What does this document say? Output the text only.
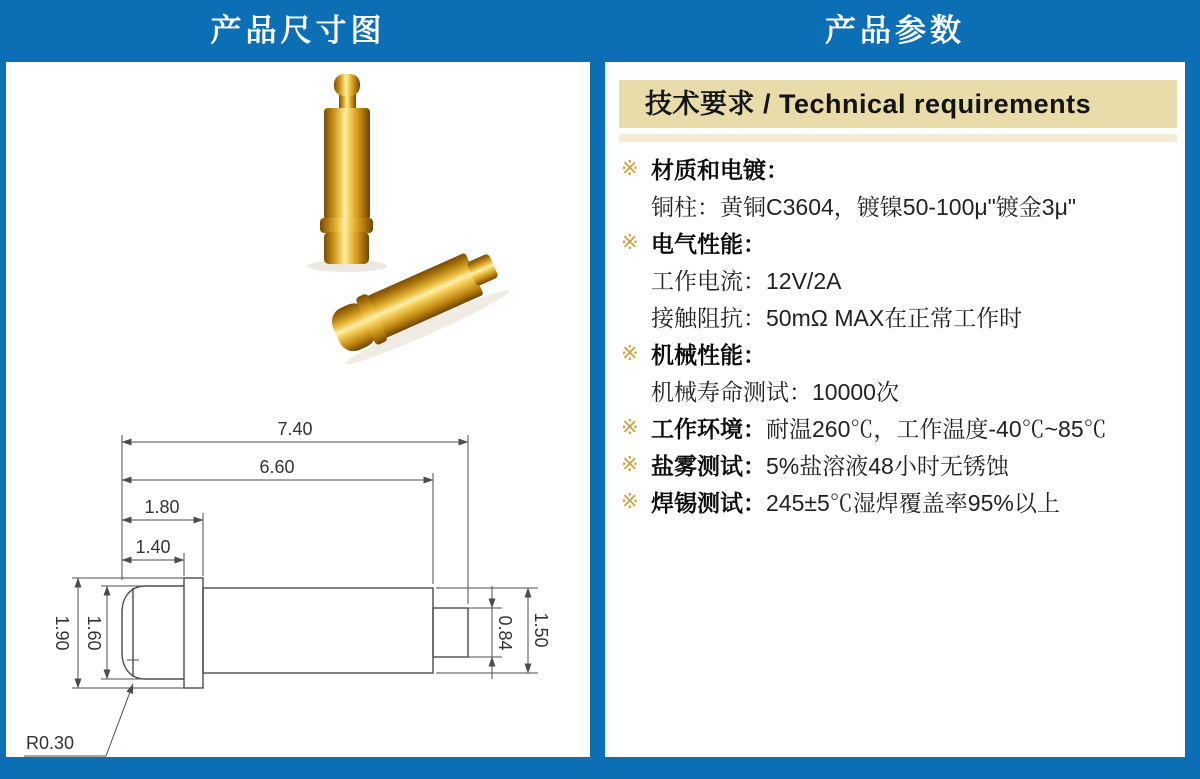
产品尺寸图	产品参数
7.40
6.60
1.80
1.40
1.90 1.60	0.84 1.50
R0.30
技术要求 / Technical requirements
※ 材质和电镀：
铜柱：黄铜C3604，镀镍50-100μ"镀金3μ"
※ 电气性能：
工作电流：12V/2A
接触阻抗：50mΩ MAX在正常工作时
※ 机械性能：
机械寿命测试：10000次
※ 工作环境： 耐温260℃，工作温度-40℃~85℃
※ 盐雾测试： 5%盐溶液48小时无锈蚀
※ 焊锡测试： 245±5℃湿焊覆盖率95%以上
